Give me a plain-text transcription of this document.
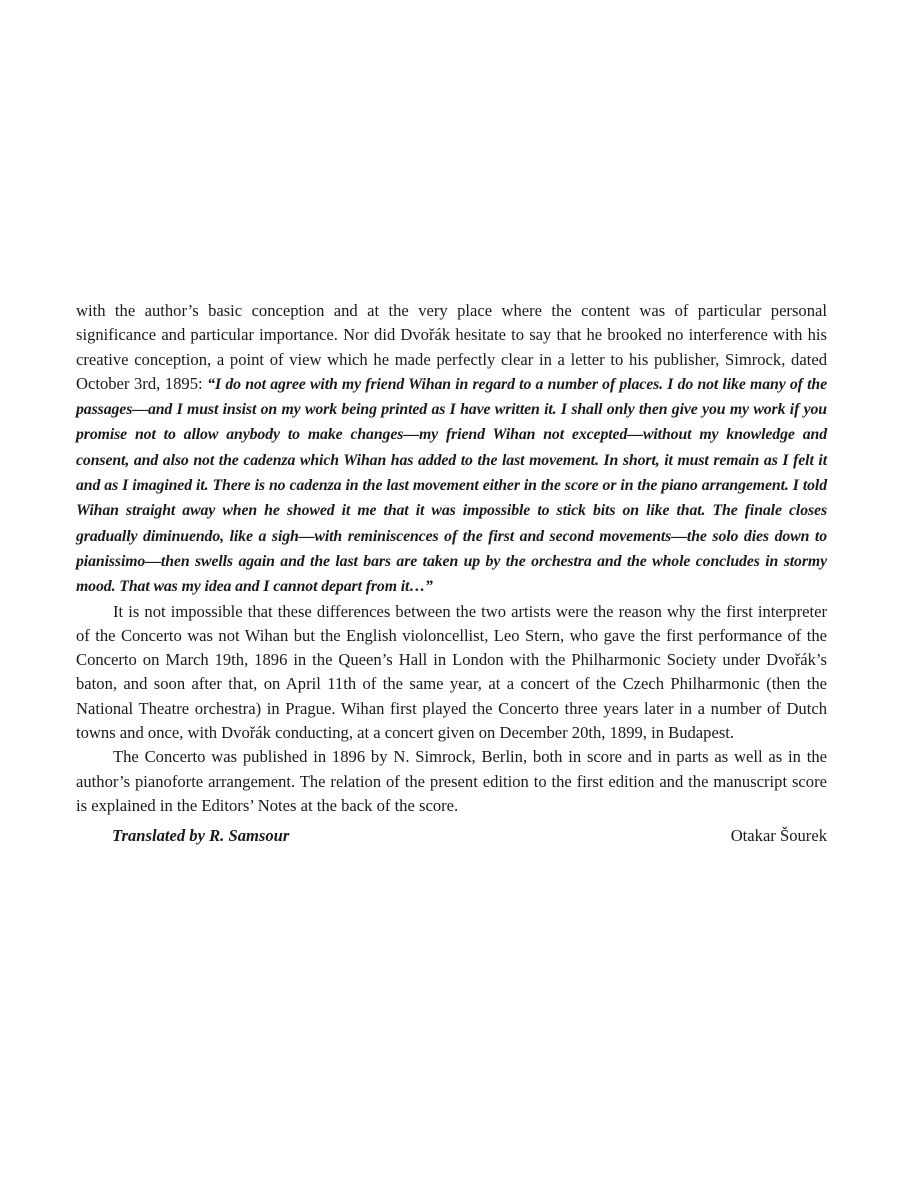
with the author’s basic conception and at the very place where the content was of particular personal significance and particular importance. Nor did Dvořák hesitate to say that he brooked no interference with his creative conception, a point of view which he made perfectly clear in a letter to his publisher, Simrock, dated October 3rd, 1895: “I do not agree with my friend Wihan in regard to a number of places. I do not like many of the passages—and I must insist on my work being printed as I have written it. I shall only then give you my work if you promise not to allow anybody to make changes—my friend Wihan not excepted—without my knowledge and consent, and also not the cadenza which Wihan has added to the last movement. In short, it must remain as I felt it and as I imagined it. There is no cadenza in the last movement either in the score or in the piano arrangement. I told Wihan straight away when he showed it me that it was impossible to stick bits on like that. The finale closes gradually diminuendo, like a sigh—with reminiscences of the first and second movements—the solo dies down to pianissimo—then swells again and the last bars are taken up by the orchestra and the whole concludes in stormy mood. That was my idea and I cannot depart from it…”

It is not impossible that these differences between the two artists were the reason why the first interpreter of the Concerto was not Wihan but the English violoncellist, Leo Stern, who gave the first performance of the Concerto on March 19th, 1896 in the Queen’s Hall in London with the Philharmonic Society under Dvořák’s baton, and soon after that, on April 11th of the same year, at a concert of the Czech Philharmonic (then the National Theatre orchestra) in Prague. Wihan first played the Concerto three years later in a number of Dutch towns and once, with Dvořák conducting, at a concert given on December 20th, 1899, in Budapest.

The Concerto was published in 1896 by N. Simrock, Berlin, both in score and in parts as well as in the author’s pianoforte arrangement. The relation of the present edition to the first edition and the manuscript score is explained in the Editors’ Notes at the back of the score.

Translated by R. Samsour	Otakar Šourek
